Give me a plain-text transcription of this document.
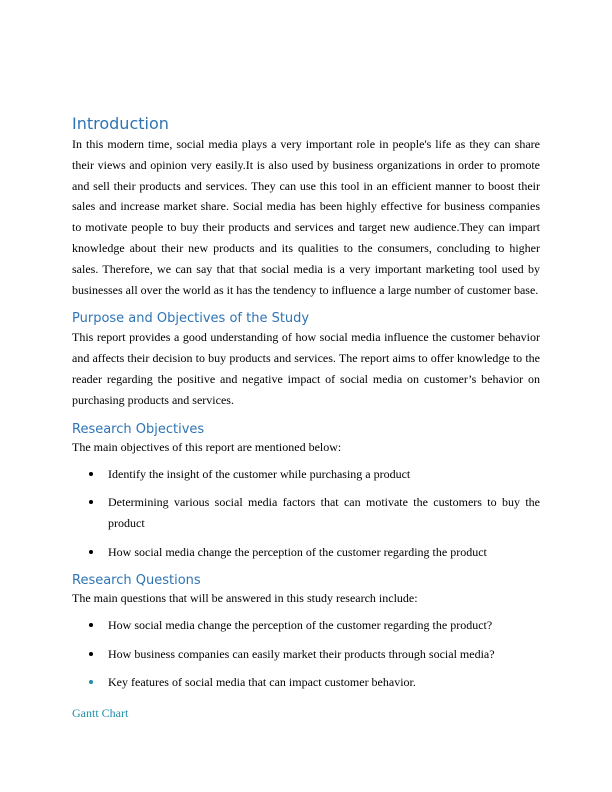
Introduction

In this modern time, social media plays a very important role in people's life as they can share their views and opinion very easily.It is also used by business organizations in order to promote and sell their products and services. They can use this tool in an efficient manner to boost their sales and increase market share. Social media has been highly effective for business companies to motivate people to buy their products and services and target new audience.They can impart knowledge about their new products and its qualities to the consumers, concluding to higher sales. Therefore, we can say that that social media is a very important marketing tool used by businesses all over the world as it has the tendency to influence a large number of customer base.

Purpose and Objectives of the Study

This report provides a good understanding of how social media influence the customer behavior and affects their decision to buy products and services. The report aims to offer knowledge to the reader regarding the positive and negative impact of social media on customer’s behavior on purchasing products and services.

Research Objectives

The main objectives of this report are mentioned below:

Identify the insight of the customer while purchasing a product
Determining various social media factors that can motivate the customers to buy the product
How social media change the perception of the customer regarding the product
Research Questions

The main questions that will be answered in this study research include:

How social media change the perception of the customer regarding the product?
How business companies can easily market their products through social media?
Key features of social media that can impact customer behavior.

Gantt Chart
